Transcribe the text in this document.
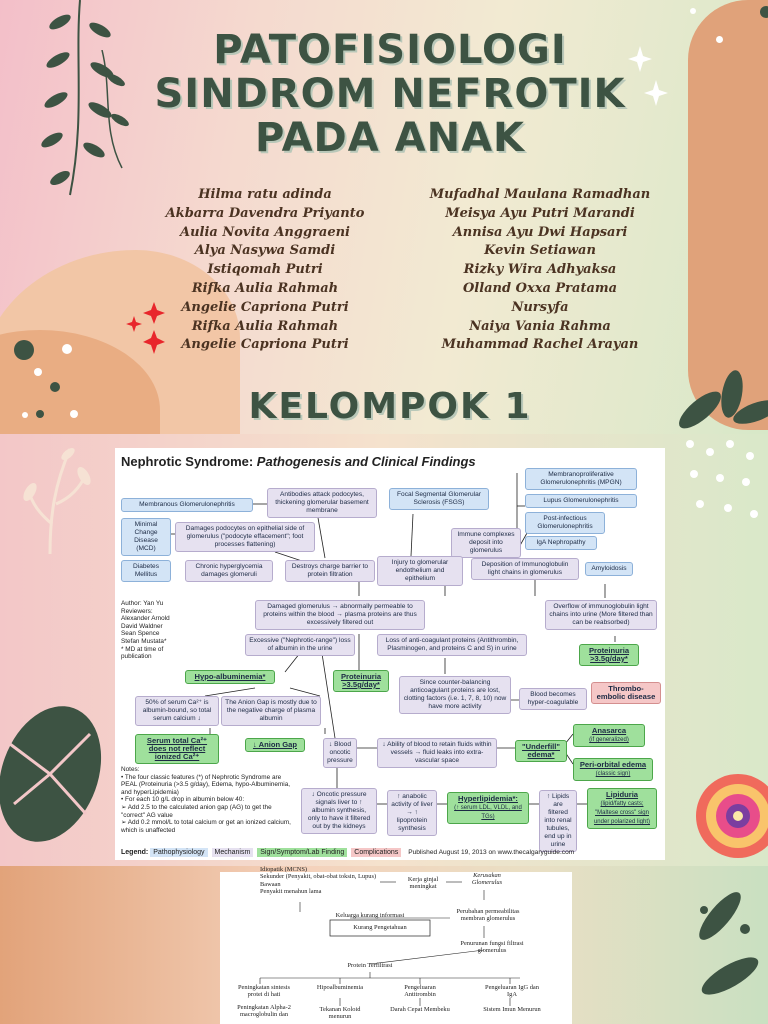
PATOFISIOLOGI
SINDROM NEFROTIK
PADA ANAK
Hilma ratu adinda
Akbarra Davendra Priyanto
Aulia Novita Anggraeni
Alya Nasywa Samdi
Istiqomah Putri
Rifka Aulia Rahmah
Angelie Capriona Putri
Rifka Aulia Rahmah
Angelie Capriona Putri
Mufadhal Maulana Ramadhan
Meisya Ayu Putri Marandi
Annisa Ayu Dwi Hapsari
Kevin Setiawan
Rizky Wira Adhyaksa
Olland Oxxa Pratama
Nursyfa
Naiya Vania Rahma
Muhammad Rachel Arayan
KELOMPOK 1
Nephrotic Syndrome: Pathogenesis and Clinical Findings
Membranous Glomerulonephritis
Antibodies attack podocytes, thickening glomerular basement membrane
Focal Segmental Glomerular Sclerosis (FSGS)
Membranoproliferative Glomerulonephritis (MPGN)
Lupus Glomerulonephritis
Post-infectious Glomerulonephritis
IgA Nephropathy
Minimal Change Disease (MCD)
Damages podocytes on epithelial side of glomerulus ("podocyte effacement"; foot processes flattening)
Immune complexes deposit into glomerulus
Diabetes Mellitus
Chronic hyperglycemia damages glomeruli
Destroys charge barrier to protein filtration
Injury to glomerular endothelium and epithelium
Deposition of Immunoglobulin light chains in glomerulus
Amyloidosis
Author: Yan Yu
Reviewers:
Alexander Arnold
David Waldner
Sean Spence
Stefan Mustata*
* MD at time of publication
Damaged glomerulus → abnormally permeable to proteins within the blood → plasma proteins are thus excessively filtered out
Overflow of immunoglobulin light chains into urine (More filtered than can be reabsorbed)
Excessive ("Nephrotic-range") loss of albumin in the urine
Loss of anti-coagulant proteins (Antithrombin, Plasminogen, and proteins C and S) in urine	Proteinuria >3.5g/day*
Hypo-albuminemia*	Proteinuria >3.5g/day*	Since counter-balancing anticoagulant proteins are lost, clotting factors (i.e. 1, 7, 8, 10) now have more activity
Blood becomes hyper-coagulable
Thrombo-embolic disease
50% of serum Ca²⁺ is albumin-bound, so total serum calcium ↓
The Anion Gap is mostly due to the negative charge of plasma albumin
Serum total Ca²⁺ does not reflect ionized Ca²⁺
↓ Anion Gap	↓ Blood oncotic pressure
↓ Ability of blood to retain fluids within vessels → fluid leaks into extra-vascular space
"Underfill" edema*
Anasarca
(if generalized)
Peri-orbital edema
(classic sign)
Notes:
• The four classic features (*) of Nephrotic Syndrome are PEAL (Proteinuria (>3.5 g/day), Edema, hypo-Albuminemia, and hyperLipidemia)
• For each 10 g/L drop in albumin below 40:
➢ Add 2.5 to the calculated anion gap (AG) to get the "correct" AG value
➢ Add 0.2 mmol/L to total calcium or get an ionized calcium, which is unaffected
↓ Oncotic pressure signals liver to ↑ albumin synthesis, only to have it filtered out by the kidneys
↑ anabolic activity of liver → ↑ lipoprotein synthesis
Hyperlipidemia*:
(↑ serum LDL, VLDL, and TGs)
↑ Lipids are filtered into renal tubules, end up in urine
Lipiduria
(lipid/fatty casts; "Maltese cross" sign under polarized light)
Legend: Pathophysiology Mechanism Sign/Symptom/Lab Finding Complications Published August 19, 2013 on www.thecalgaryguide.com
Idiopatik (MCNS)
Sekunder (Penyakit, obat-obat toksin, Lupus)
Bawaan
Penyakit menahun lama
Kerja ginjal meningkat
Kerusakan Glomerulus
Keluarga kurang informasi
Perubahan permeabilitas membran glomerulus
Kurang Pengetahuan
Penurunan fungsi filtrasi glomerulus
Protein Terfiltrasi
Peningkatan sintesis protei di hati
Hipoalbuminemia	Pengeluaran Antitrombin
Pengeluaran IgG dan IgA
Peningkatan Alpha-2 macroglobulin dan
Tekanan Koloid menurun
Darah Cepat Membeku	Sistem Imun Menurun
